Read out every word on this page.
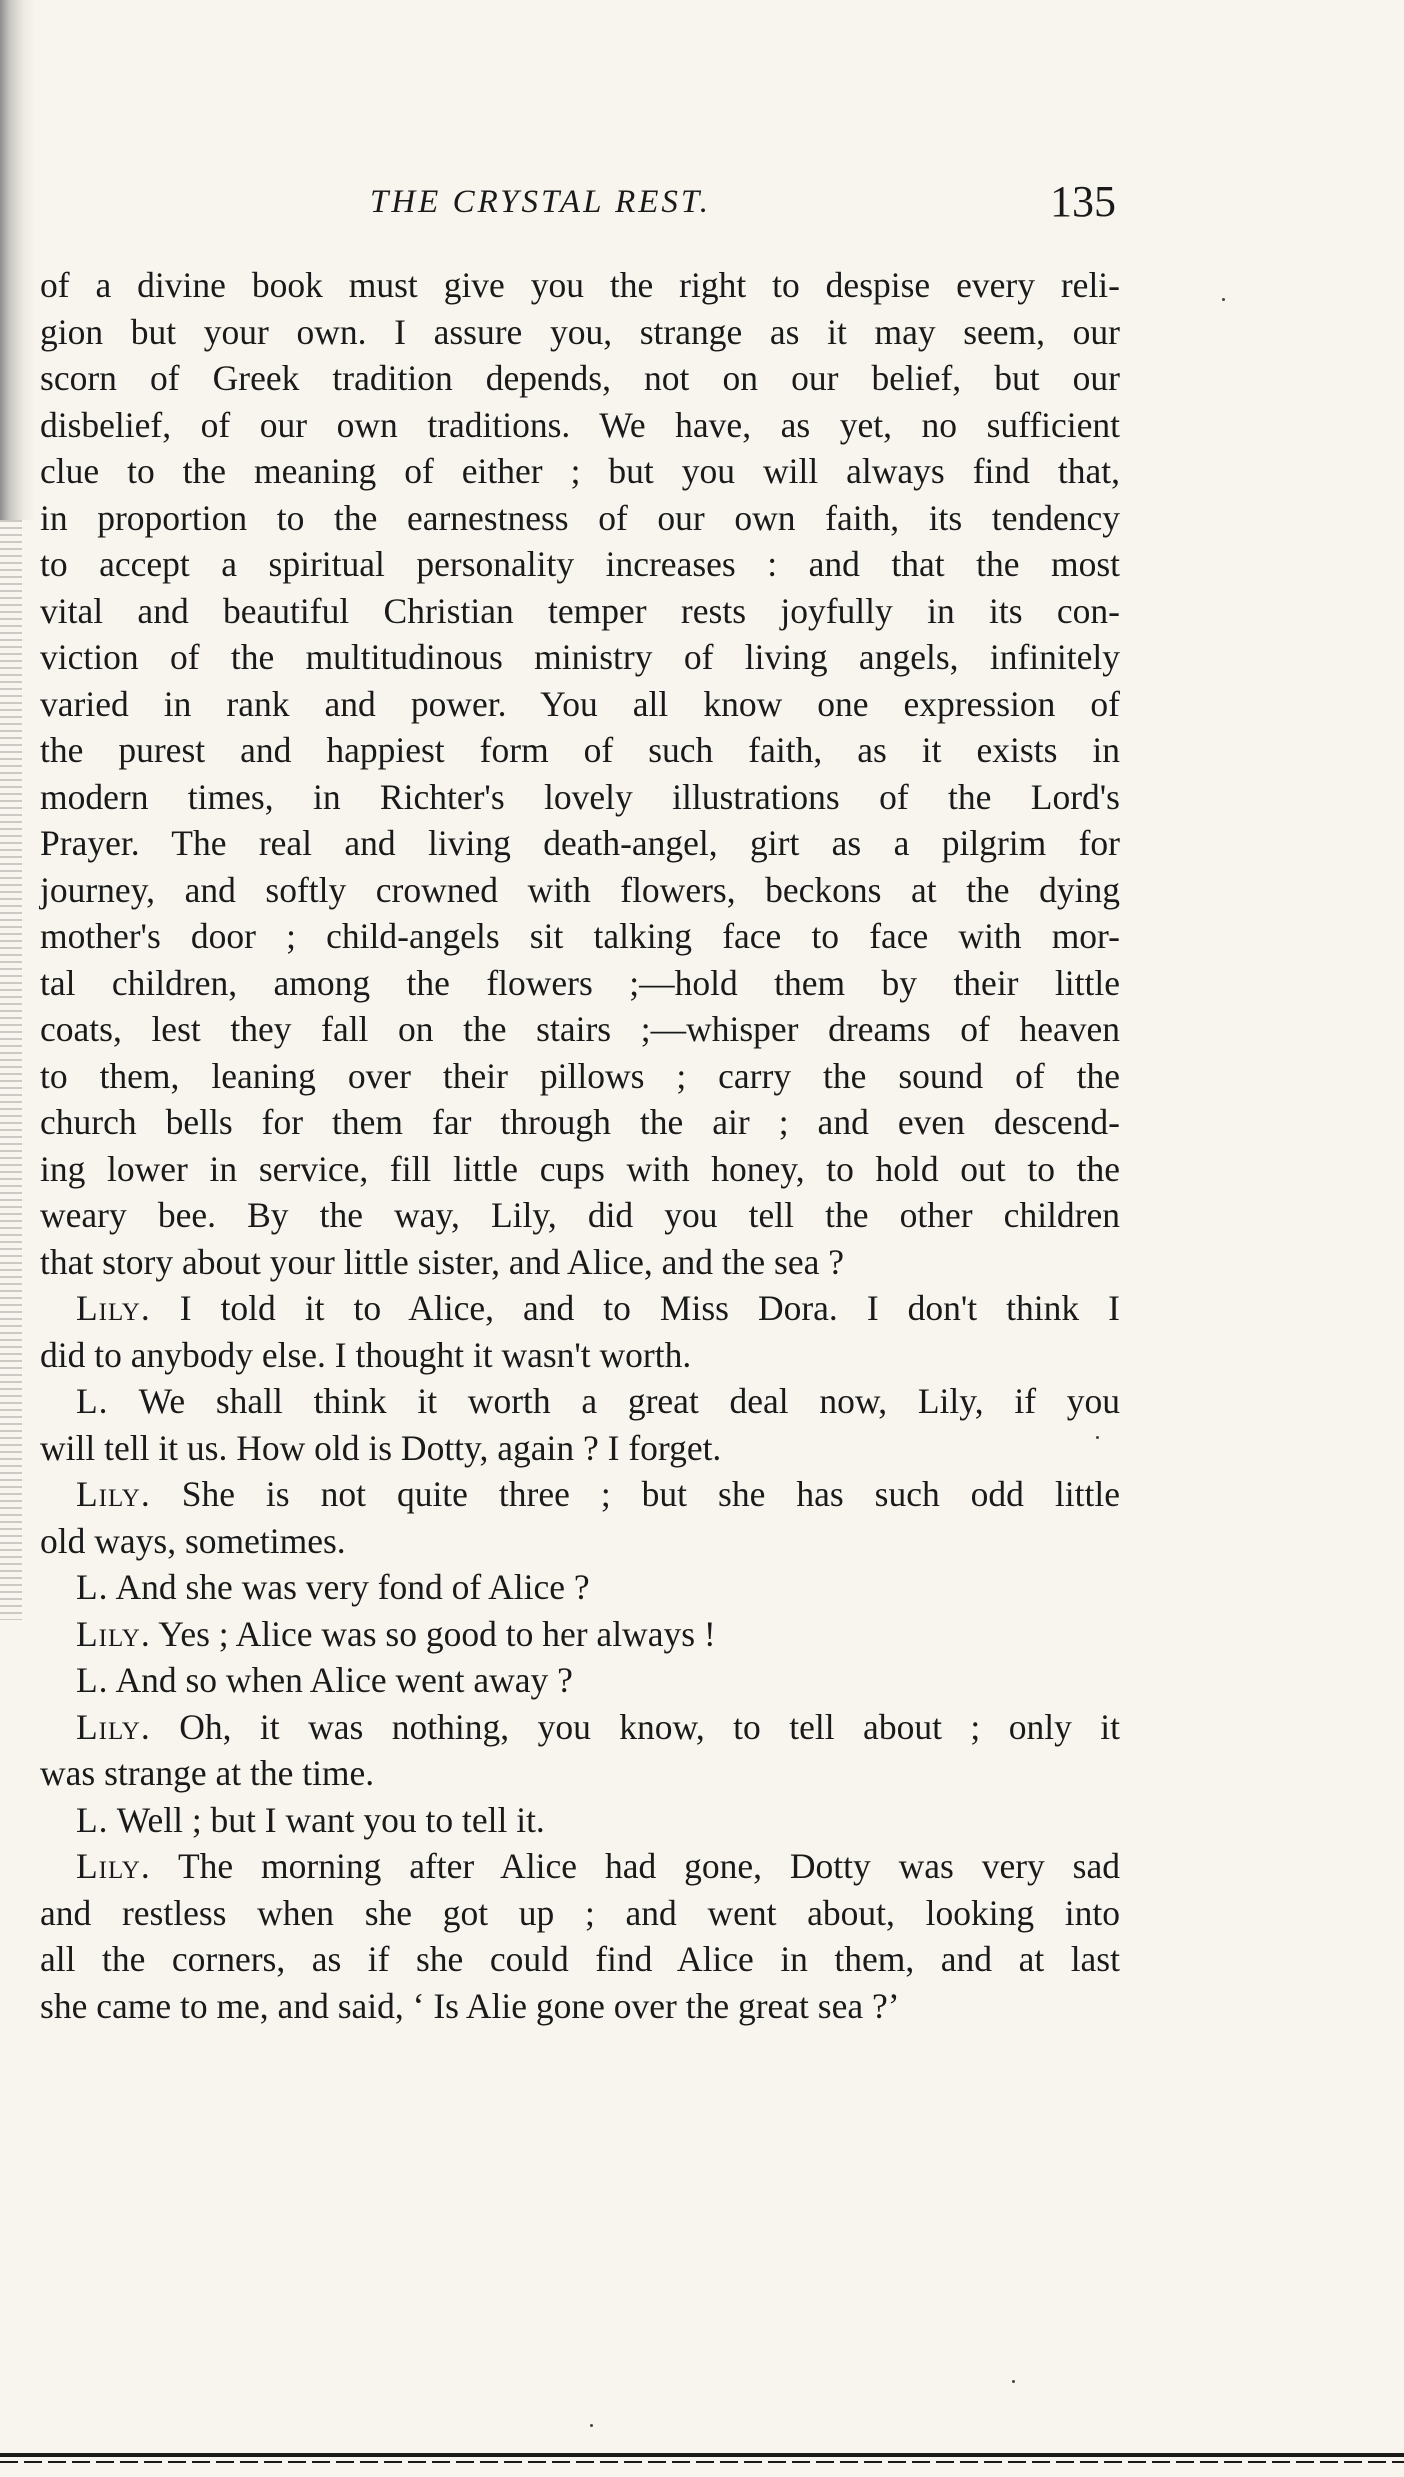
THE CRYSTAL REST.	135
of a divine book must give you the right to despise every reli-
gion but your own. I assure you, strange as it may seem, our
scorn of Greek tradition depends, not on our belief, but our
disbelief, of our own traditions. We have, as yet, no sufficient
clue to the meaning of either ; but you will always find that,
in proportion to the earnestness of our own faith, its tendency
to accept a spiritual personality increases : and that the most
vital and beautiful Christian temper rests joyfully in its con-
viction of the multitudinous ministry of living angels, infinitely
varied in rank and power. You all know one expression of
the purest and happiest form of such faith, as it exists in
modern times, in Richter's lovely illustrations of the Lord's
Prayer. The real and living death-angel, girt as a pilgrim for
journey, and softly crowned with flowers, beckons at the dying
mother's door ; child-angels sit talking face to face with mor-
tal children, among the flowers ;—hold them by their little
coats, lest they fall on the stairs ;—whisper dreams of heaven
to them, leaning over their pillows ; carry the sound of the
church bells for them far through the air ; and even descend-
ing lower in service, fill little cups with honey, to hold out to the
weary bee. By the way, Lily, did you tell the other children
that story about your little sister, and Alice, and the sea ?
Lily. I told it to Alice, and to Miss Dora. I don't think I
did to anybody else. I thought it wasn't worth.
L. We shall think it worth a great deal now, Lily, if you
will tell it us. How old is Dotty, again ? I forget.
Lily. She is not quite three ; but she has such odd little
old ways, sometimes.
L. And she was very fond of Alice ?
Lily. Yes ; Alice was so good to her always !
L. And so when Alice went away ?
Lily. Oh, it was nothing, you know, to tell about ; only it
was strange at the time.
L. Well ; but I want you to tell it.
Lily. The morning after Alice had gone, Dotty was very sad
and restless when she got up ; and went about, looking into
all the corners, as if she could find Alice in them, and at last
she came to me, and said, ‘ Is Alie gone over the great sea ?’
